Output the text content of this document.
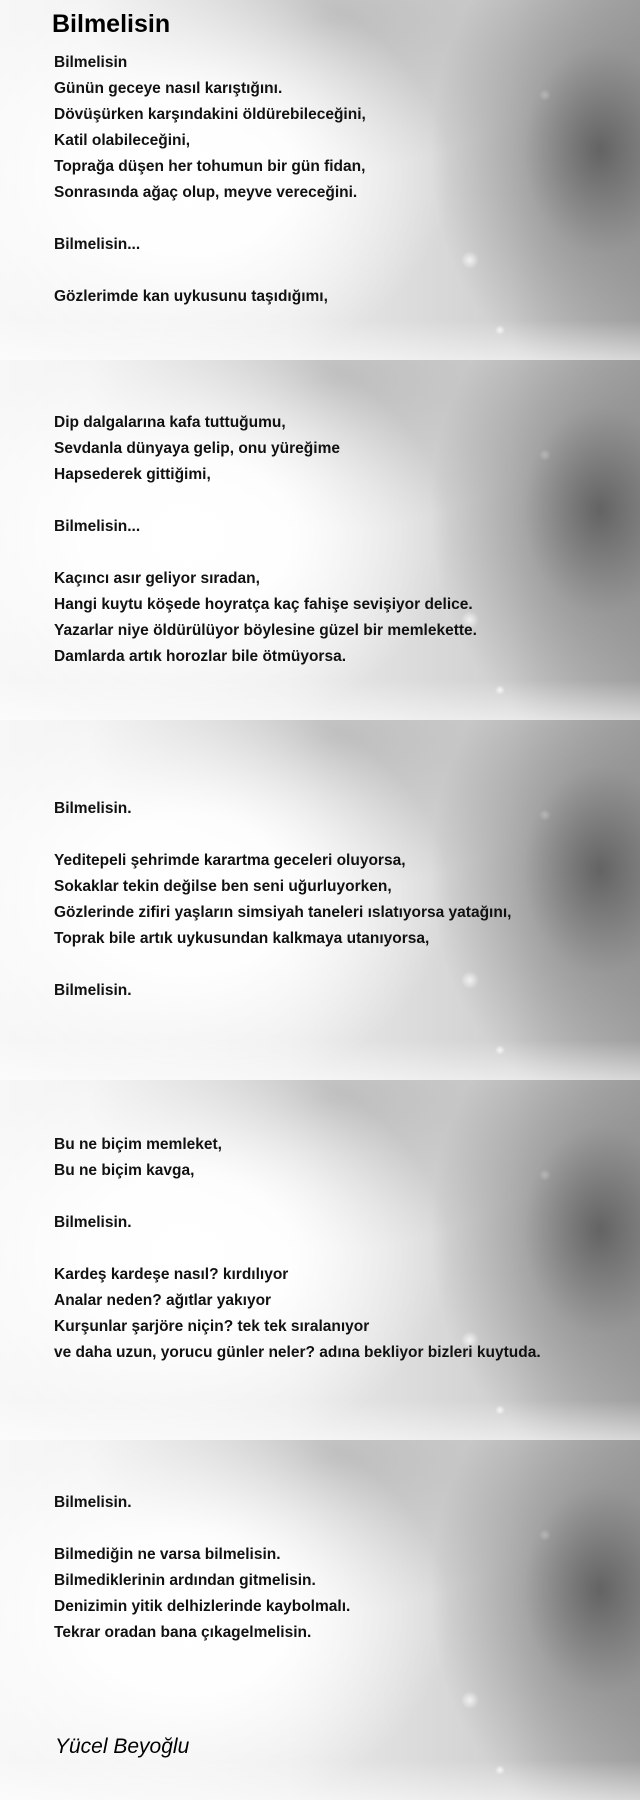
Bilmelisin
Günün geceye nasıl karıştığını.
Dövüşürken karşındakini öldürebileceğini,
Katil olabileceğini,
Toprağa düşen her tohumun bir gün fidan,
Sonrasında ağaç olup, meyve vereceğini.
Bilmelisin...
Gözlerimde kan uykusunu taşıdığımı,
Dip dalgalarına kafa tuttuğumu,
Sevdanla dünyaya gelip, onu yüreğime
Hapsederek gittiğimi,
Bilmelisin...
Kaçıncı asır geliyor sıradan,
Hangi kuytu köşede hoyratça kaç fahişe sevişiyor delice.
Yazarlar niye öldürülüyor böylesine güzel bir memlekette.
Damlarda artık horozlar bile ötmüyorsa.
Bilmelisin.
Yeditepeli şehrimde karartma geceleri oluyorsa,
Sokaklar tekin değilse ben seni uğurluyorken,
Gözlerinde zifiri yaşların simsiyah taneleri ıslatıyorsa yatağını,
Toprak bile artık uykusundan kalkmaya utanıyorsa,
Bilmelisin.
Bu ne biçim memleket,
Bu ne biçim kavga,
Bilmelisin.
Kardeş kardeşe nasıl? kırdılıyor
Analar neden? ağıtlar yakıyor
Kurşunlar şarjöre niçin? tek tek sıralanıyor
ve daha uzun, yorucu günler neler? adına bekliyor bizleri kuytuda.
Bilmelisin.
Bilmediğin ne varsa bilmelisin.
Bilmediklerinin ardından gitmelisin.
Denizimin yitik delhizlerinde kaybolmalı.
Tekrar oradan bana çıkagelmelisin.
Bilmelisin
Yücel Beyoğlu
